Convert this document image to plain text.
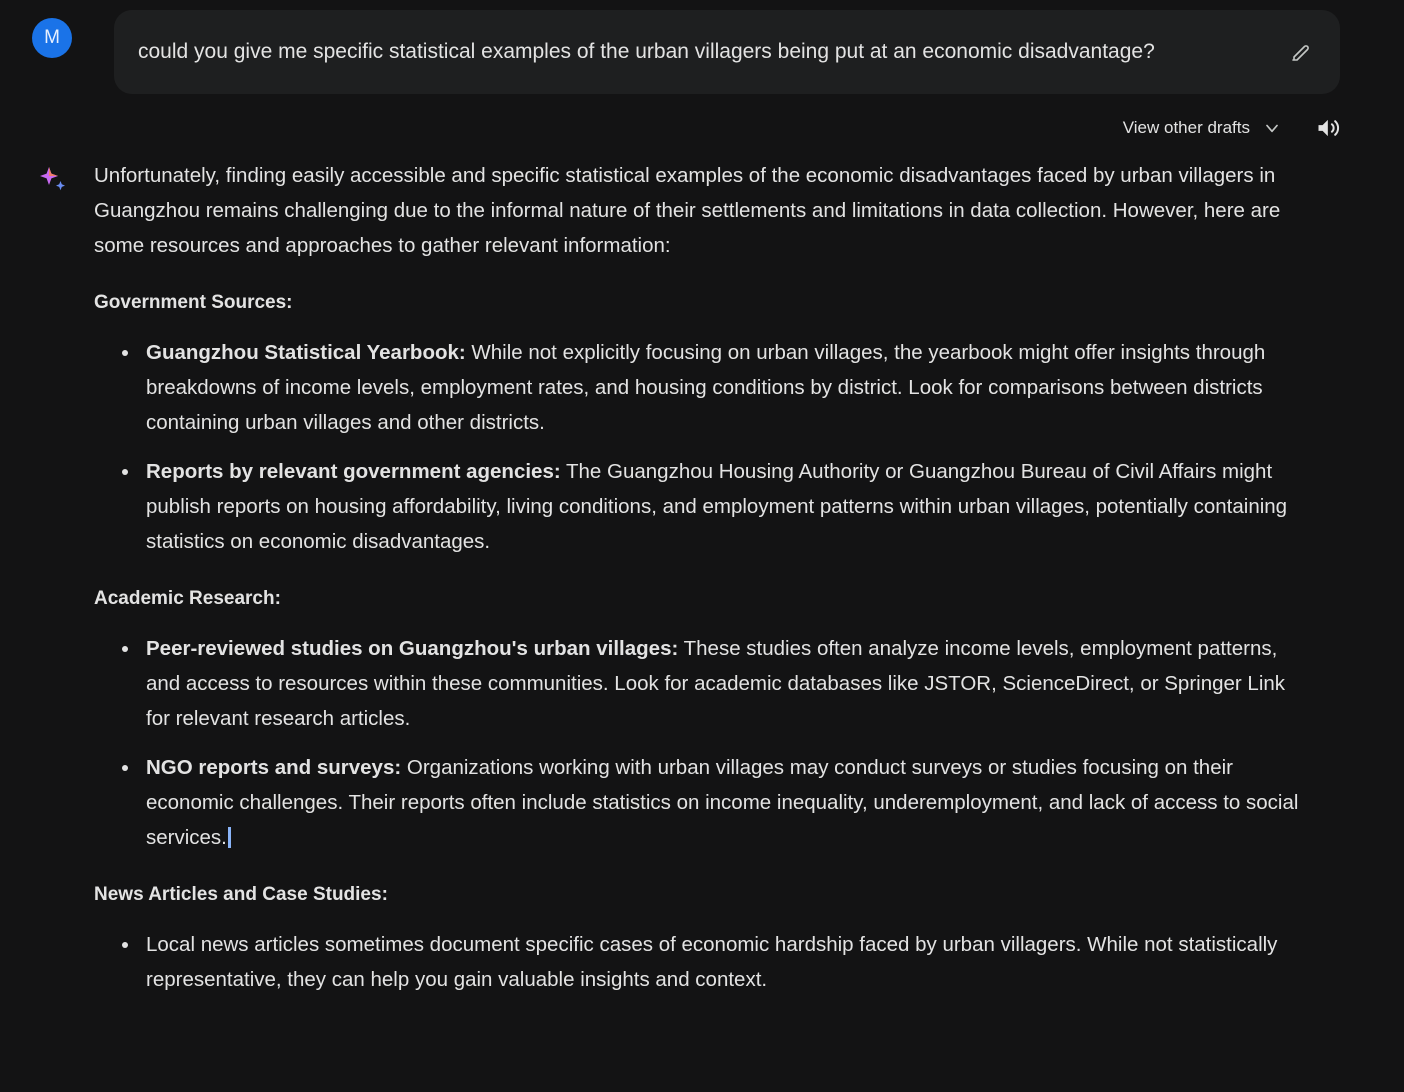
M
could you give me specific statistical examples of the urban villagers being put at an economic disadvantage?
View other drafts

Unfortunately, finding easily accessible and specific statistical examples of the economic disadvantages faced by urban villagers in Guangzhou remains challenging due to the informal nature of their settlements and limitations in data collection. However, here are some resources and approaches to gather relevant information:

Government Sources:
Guangzhou Statistical Yearbook: While not explicitly focusing on urban villages, the yearbook might offer insights through breakdowns of income levels, employment rates, and housing conditions by district. Look for comparisons between districts containing urban villages and other districts.
Reports by relevant government agencies: The Guangzhou Housing Authority or Guangzhou Bureau of Civil Affairs might publish reports on housing affordability, living conditions, and employment patterns within urban villages, potentially containing statistics on economic disadvantages.
Academic Research:
Peer-reviewed studies on Guangzhou's urban villages: These studies often analyze income levels, employment patterns, and access to resources within these communities. Look for academic databases like JSTOR, ScienceDirect, or Springer Link for relevant research articles.
NGO reports and surveys: Organizations working with urban villages may conduct surveys or studies focusing on their economic challenges. Their reports often include statistics on income inequality, underemployment, and lack of access to social services.
News Articles and Case Studies:
Local news articles sometimes document specific cases of economic hardship faced by urban villagers. While not statistically representative, they can help you gain valuable insights and context.
